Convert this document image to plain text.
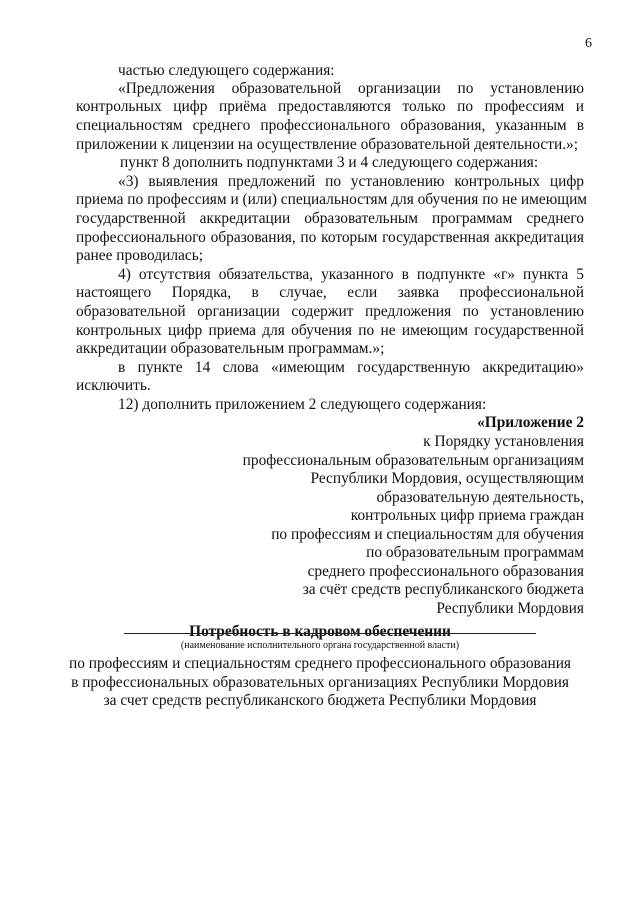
6
частью следующего содержания:
«Предложения образовательной организации по установлению
контрольных цифр приёма предоставляются только по профессиям и
специальностям среднего профессионального образования, указанным в
приложении к лицензии на осуществление образовательной деятельности.»;
пункт 8 дополнить подпунктами 3 и 4 следующего содержания:
«3) выявления предложений по установлению контрольных цифр
приема по профессиям и (или) специальностям для обучения по не имеющим
государственной аккредитации образовательным программам среднего
профессионального образования, по которым государственная аккредитация
ранее проводилась;
4) отсутствия обязательства, указанного в подпункте «г» пункта 5
настоящего Порядка, в случае, если заявка профессиональной
образовательной организации содержит предложения по установлению
контрольных цифр приема для обучения по не имеющим государственной
аккредитации образовательным программам.»;
в пункте 14 слова «имеющим государственную аккредитацию»
исключить.
12) дополнить приложением 2 следующего содержания:
«Приложение 2
к Порядку установления
профессиональным образовательным организациям
Республики Мордовия, осуществляющим
образовательную деятельность,
контрольных цифр приема граждан
по профессиям и специальностям для обучения
по образовательным программам
среднего профессионального образования
за счёт средств республиканского бюджета
Республики Мордовия
Потребность в кадровом обеспечении
(наименование исполнительного органа государственной власти)
по профессиям и специальностям среднего профессионального образования
в профессиональных образовательных организациях Республики Мордовия
за счет средств республиканского бюджета Республики Мордовия
